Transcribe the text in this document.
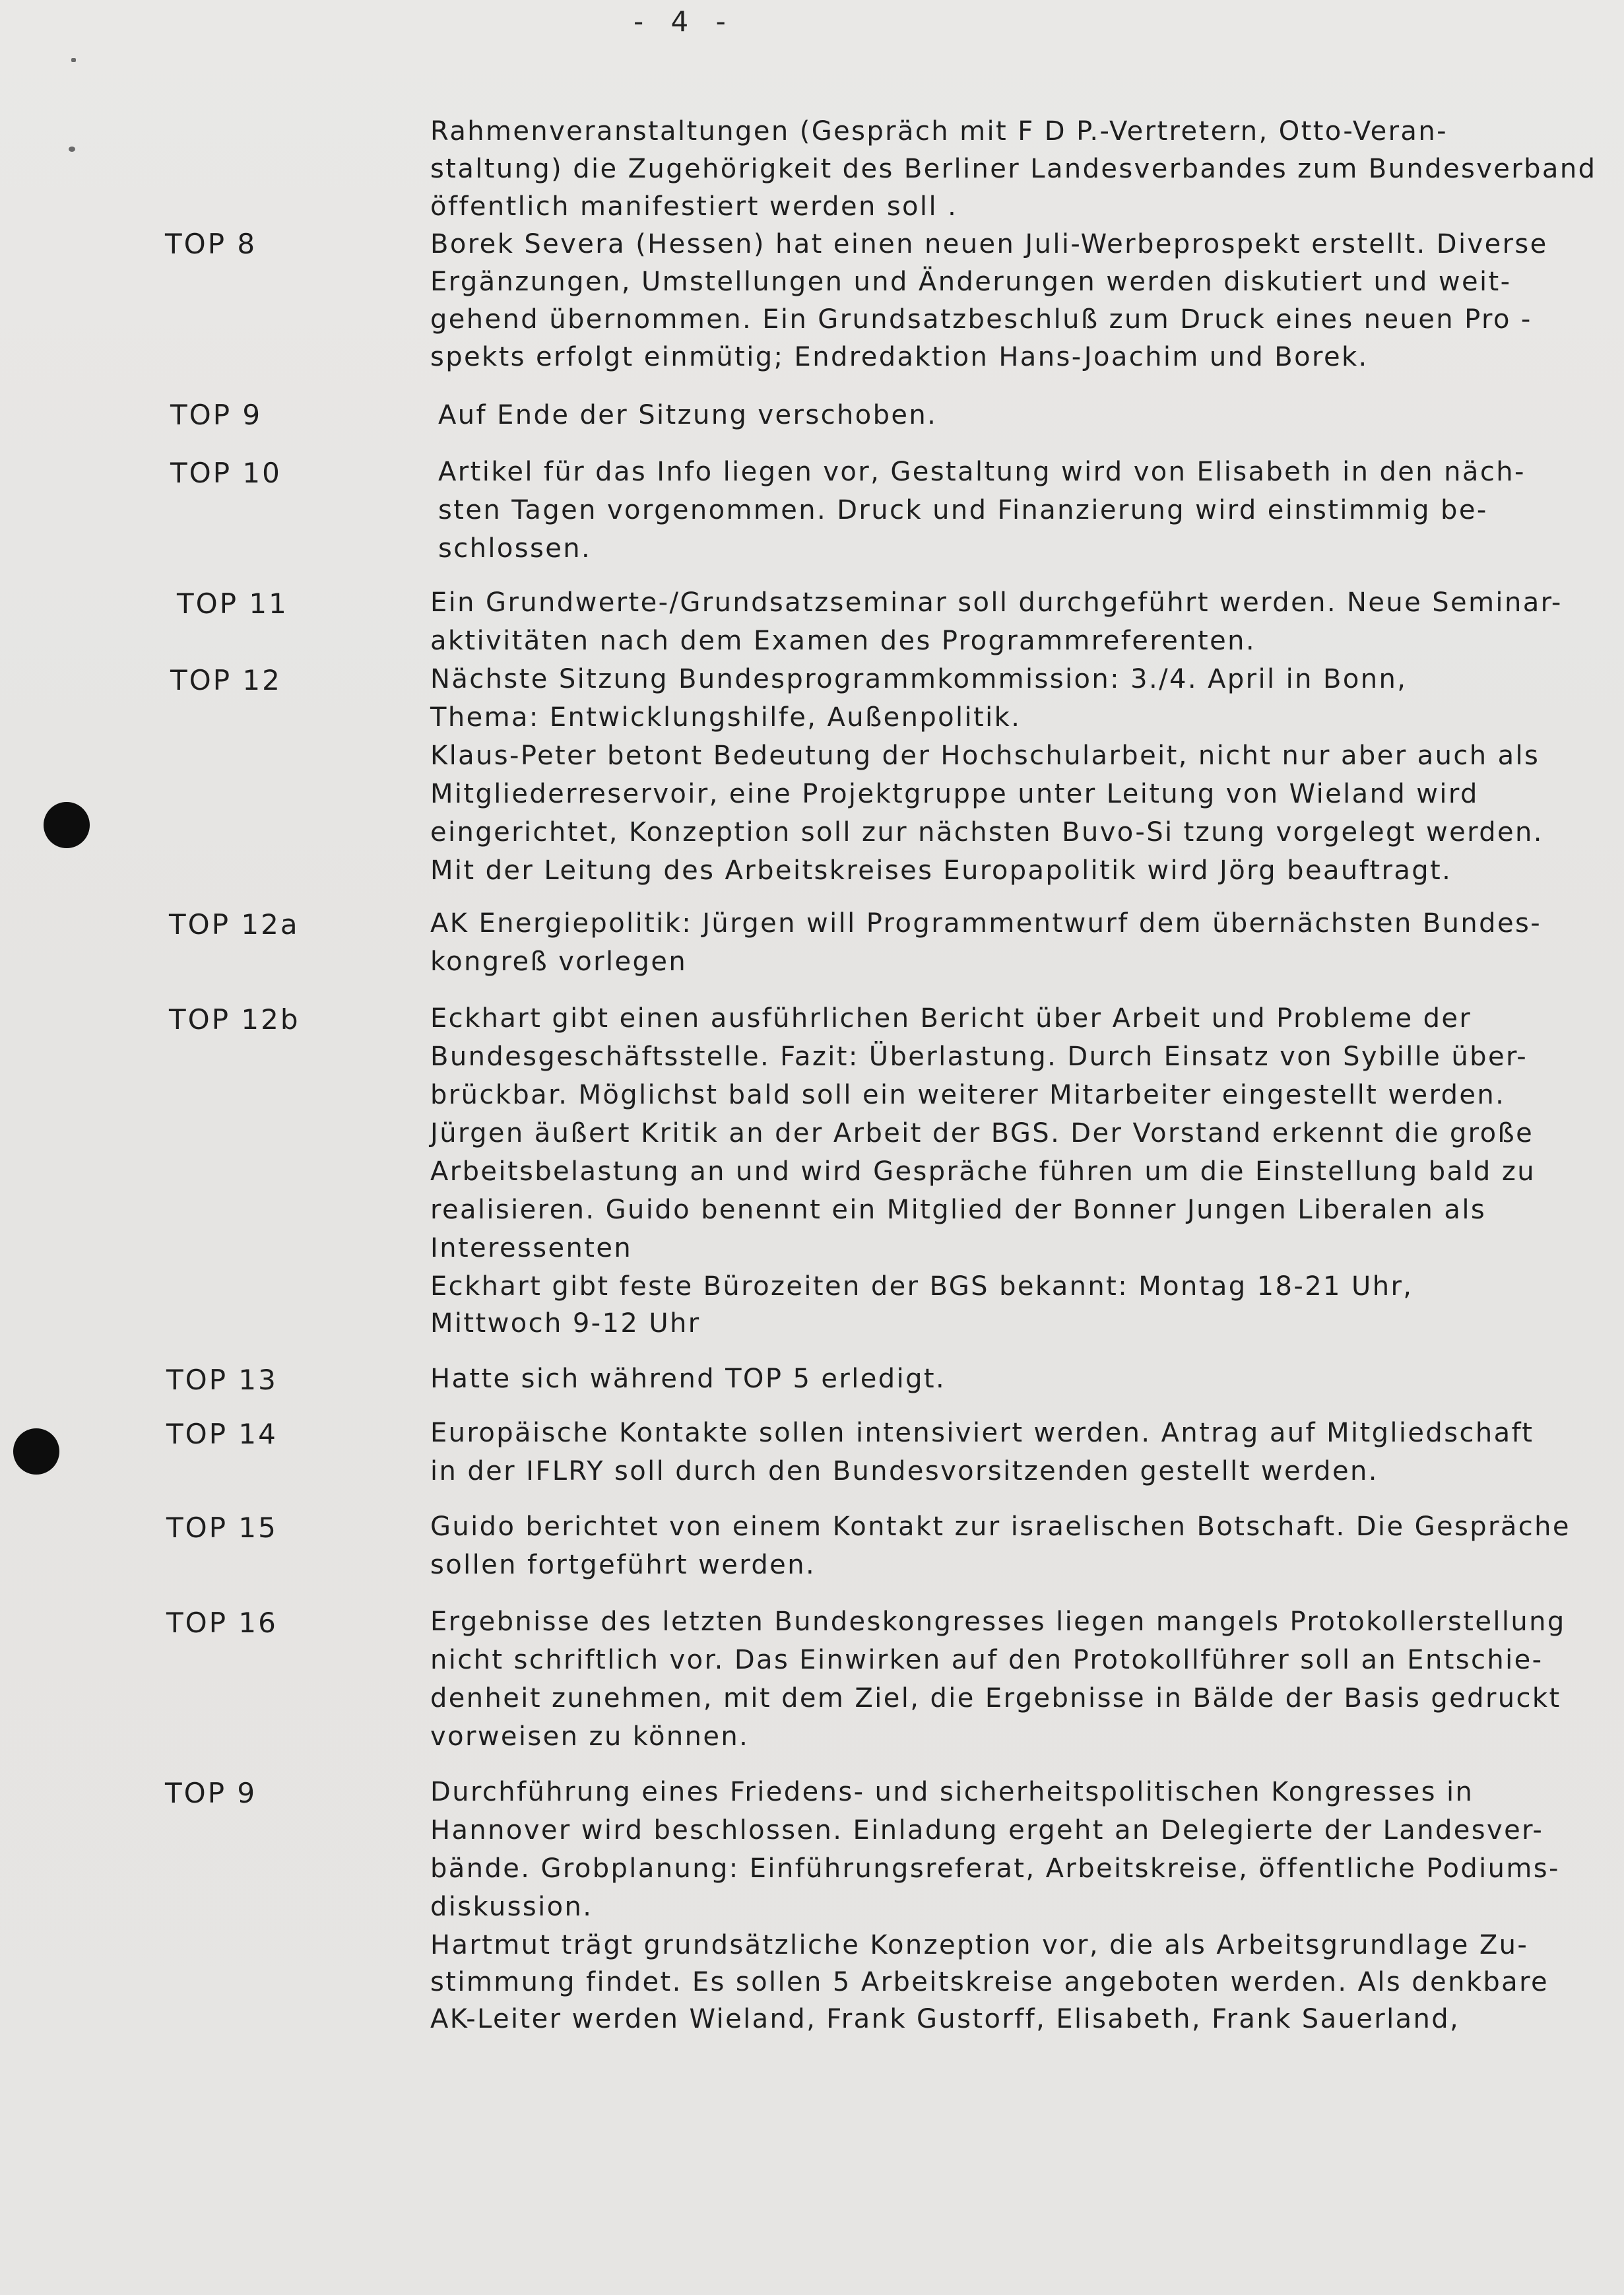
- 4 -
Rahmenveranstaltungen (Gespräch mit F D P.-Vertretern, Otto-Veran-
staltung) die Zugehörigkeit des Berliner Landesverbandes zum Bundesverband
öffentlich manifestiert werden soll .
TOP 8	Borek Severa (Hessen) hat einen neuen Juli-Werbeprospekt erstellt. Diverse
Ergänzungen, Umstellungen und Änderungen werden diskutiert und weit-
gehend übernommen. Ein Grundsatzbeschluß zum Druck eines neuen Pro -
spekts erfolgt einmütig; Endredaktion Hans-Joachim und Borek.
TOP 9	Auf Ende der Sitzung verschoben.
TOP 10	Artikel für das Info liegen vor, Gestaltung wird von Elisabeth in den näch-
sten Tagen vorgenommen. Druck und Finanzierung wird einstimmig be-
schlossen.
TOP 11	Ein Grundwerte-/Grundsatzseminar soll durchgeführt werden. Neue Seminar-
aktivitäten nach dem Examen des Programmreferenten.
TOP 12	Nächste Sitzung Bundesprogrammkommission: 3./4. April in Bonn,
Thema: Entwicklungshilfe, Außenpolitik.
Klaus-Peter betont Bedeutung der Hochschularbeit, nicht nur aber auch als
Mitgliederreservoir, eine Projektgruppe unter Leitung von Wieland wird
eingerichtet, Konzeption soll zur nächsten Buvo-Si tzung vorgelegt werden.
Mit der Leitung des Arbeitskreises Europapolitik wird Jörg beauftragt.
TOP 12a	AK Energiepolitik: Jürgen will Programmentwurf dem übernächsten Bundes-
kongreß vorlegen
TOP 12b	Eckhart gibt einen ausführlichen Bericht über Arbeit und Probleme der
Bundesgeschäftsstelle. Fazit: Überlastung. Durch Einsatz von Sybille über-
brückbar. Möglichst bald soll ein weiterer Mitarbeiter eingestellt werden.
Jürgen äußert Kritik an der Arbeit der BGS. Der Vorstand erkennt die große
Arbeitsbelastung an und wird Gespräche führen um die Einstellung bald zu
realisieren. Guido benennt ein Mitglied der Bonner Jungen Liberalen als
Interessenten
Eckhart gibt feste Bürozeiten der BGS bekannt: Montag 18-21 Uhr,
Mittwoch 9-12 Uhr
TOP 13	Hatte sich während TOP 5 erledigt.
TOP 14	Europäische Kontakte sollen intensiviert werden. Antrag auf Mitgliedschaft
in der IFLRY soll durch den Bundesvorsitzenden gestellt werden.
TOP 15	Guido berichtet von einem Kontakt zur israelischen Botschaft. Die Gespräche
sollen fortgeführt werden.
TOP 16	Ergebnisse des letzten Bundeskongresses liegen mangels Protokollerstellung
nicht schriftlich vor. Das Einwirken auf den Protokollführer soll an Entschie-
denheit zunehmen, mit dem Ziel, die Ergebnisse in Bälde der Basis gedruckt
vorweisen zu können.
TOP 9	Durchführung eines Friedens- und sicherheitspolitischen Kongresses in
Hannover wird beschlossen. Einladung ergeht an Delegierte der Landesver-
bände. Grobplanung: Einführungsreferat, Arbeitskreise, öffentliche Podiums-
diskussion.
Hartmut trägt grundsätzliche Konzeption vor, die als Arbeitsgrundlage Zu-
stimmung findet. Es sollen 5 Arbeitskreise angeboten werden. Als denkbare
AK-Leiter werden Wieland, Frank Gustorff, Elisabeth, Frank Sauerland,
